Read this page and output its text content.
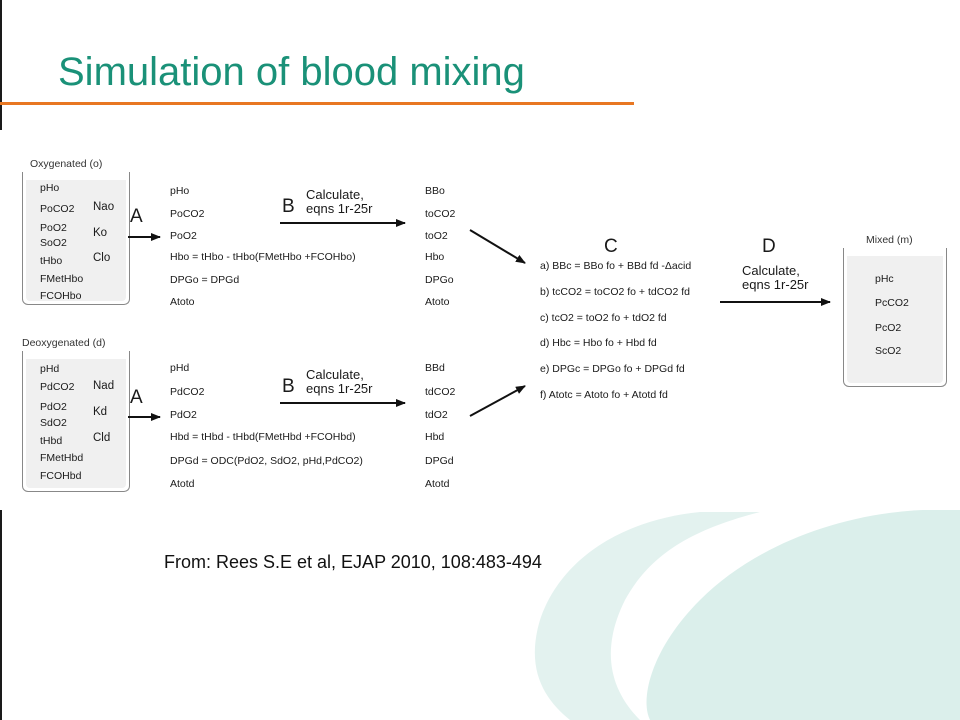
Simulation of blood mixing
Oxygenated (o)
pHo
PoCO2
PoO2
SoO2
tHbo
FMetHbo
FCOHbo
Nao
Ko
Clo
Deoxygenated (d)
pHd
PdCO2
PdO2
SdO2
tHbd
FMetHbd
FCOHbd
Nad
Kd
Cld
A
A
B
B
C	D
Calculate,
eqns 1r-25r
Calculate,
eqns 1r-25r
Calculate,
eqns 1r-25r
pHo
PoCO2
PoO2
Hbo = tHbo - tHbo(FMetHbo +FCOHbo)
DPGo = DPGd
Atoto
pHd
PdCO2
PdO2
Hbd = tHbd - tHbd(FMetHbd +FCOHbd)
DPGd = ODC(PdO2, SdO2, pHd,PdCO2)
Atotd
BBo
toCO2
toO2
Hbo
DPGo
Atoto
BBd
tdCO2
tdO2
Hbd
DPGd
Atotd
a) BBc = BBo fo + BBd fd -Δacid
b) tcCO2 = toCO2 fo + tdCO2 fd
c) tcO2 = toO2 fo + tdO2 fd
d) Hbc = Hbo fo + Hbd fd
e) DPGc = DPGo fo + DPGd fd
f) Atotc = Atoto fo + Atotd fd
Mixed (m)
pHc
PcCO2
PcO2
ScO2
From: Rees S.E et al, EJAP 2010, 108:483-494
